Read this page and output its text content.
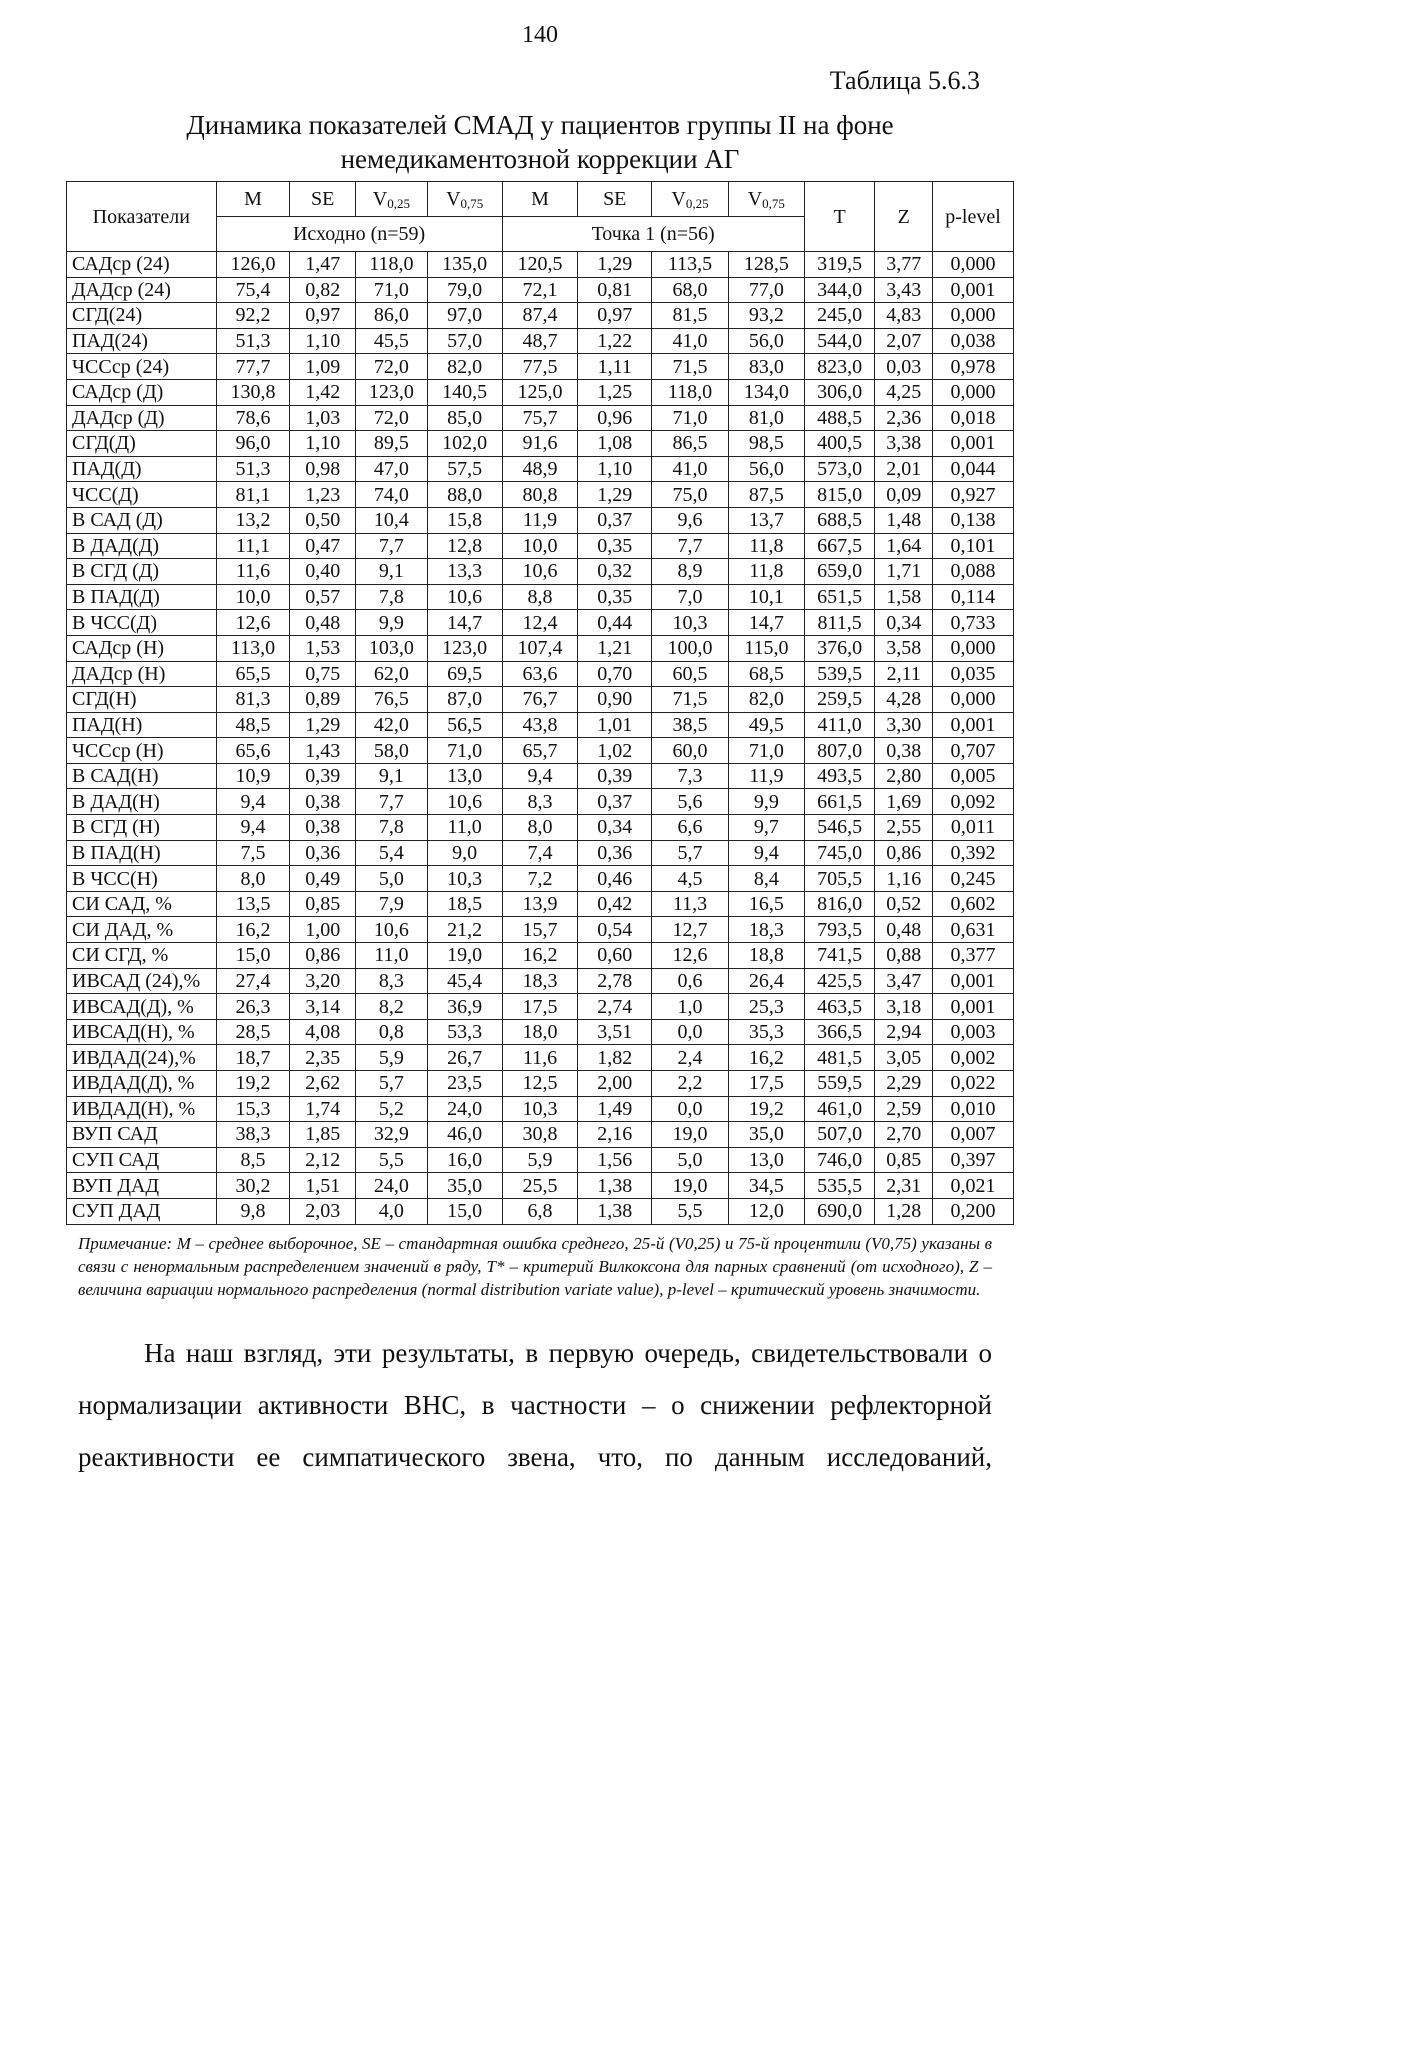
140
Таблица 5.6.3
Динамика показателей СМАД у пациентов группы II на фоне
немедикаментозной коррекции АГ
Показатели	M	SE	$V_{0,25}$	$V_{0,75}$	M	SE	$V_{0,25}$	$V_{0,75}$	T	Z	p-level
	Исходно (n=59)				Точка 1 (n=56)						
САДср (24)	126,0	1,47	118,0	135,0	120,5	1,29	113,5	128,5	319,5	3,77	0,000
ДАДср (24)	75,4	0,82	71,0	79,0	72,1	0,81	68,0	77,0	344,0	3,43	0,001
СГД(24)	92,2	0,97	86,0	97,0	87,4	0,97	81,5	93,2	245,0	4,83	0,000
ПАД(24)	51,3	1,10	45,5	57,0	48,7	1,22	41,0	56,0	544,0	2,07	0,038
ЧССср (24)	77,7	1,09	72,0	82,0	77,5	1,11	71,5	83,0	823,0	0,03	0,978
САДср (Д)	130,8	1,42	123,0	140,5	125,0	1,25	118,0	134,0	306,0	4,25	0,000
ДАДср (Д)	78,6	1,03	72,0	85,0	75,7	0,96	71,0	81,0	488,5	2,36	0,018
СГД(Д)	96,0	1,10	89,5	102,0	91,6	1,08	86,5	98,5	400,5	3,38	0,001
ПАД(Д)	51,3	0,98	47,0	57,5	48,9	1,10	41,0	56,0	573,0	2,01	0,044
ЧСС(Д)	81,1	1,23	74,0	88,0	80,8	1,29	75,0	87,5	815,0	0,09	0,927
В САД (Д)	13,2	0,50	10,4	15,8	11,9	0,37	9,6	13,7	688,5	1,48	0,138
В ДАД(Д)	11,1	0,47	7,7	12,8	10,0	0,35	7,7	11,8	667,5	1,64	0,101
В СГД (Д)	11,6	0,40	9,1	13,3	10,6	0,32	8,9	11,8	659,0	1,71	0,088
В ПАД(Д)	10,0	0,57	7,8	10,6	8,8	0,35	7,0	10,1	651,5	1,58	0,114
В ЧСС(Д)	12,6	0,48	9,9	14,7	12,4	0,44	10,3	14,7	811,5	0,34	0,733
САДср (Н)	113,0	1,53	103,0	123,0	107,4	1,21	100,0	115,0	376,0	3,58	0,000
ДАДср (Н)	65,5	0,75	62,0	69,5	63,6	0,70	60,5	68,5	539,5	2,11	0,035
СГД(Н)	81,3	0,89	76,5	87,0	76,7	0,90	71,5	82,0	259,5	4,28	0,000
ПАД(Н)	48,5	1,29	42,0	56,5	43,8	1,01	38,5	49,5	411,0	3,30	0,001
ЧССср (Н)	65,6	1,43	58,0	71,0	65,7	1,02	60,0	71,0	807,0	0,38	0,707
В САД(Н)	10,9	0,39	9,1	13,0	9,4	0,39	7,3	11,9	493,5	2,80	0,005
В ДАД(Н)	9,4	0,38	7,7	10,6	8,3	0,37	5,6	9,9	661,5	1,69	0,092
В СГД (Н)	9,4	0,38	7,8	11,0	8,0	0,34	6,6	9,7	546,5	2,55	0,011
В ПАД(Н)	7,5	0,36	5,4	9,0	7,4	0,36	5,7	9,4	745,0	0,86	0,392
В ЧСС(Н)	8,0	0,49	5,0	10,3	7,2	0,46	4,5	8,4	705,5	1,16	0,245
СИ САД, %	13,5	0,85	7,9	18,5	13,9	0,42	11,3	16,5	816,0	0,52	0,602
СИ ДАД, %	16,2	1,00	10,6	21,2	15,7	0,54	12,7	18,3	793,5	0,48	0,631
СИ СГД, %	15,0	0,86	11,0	19,0	16,2	0,60	12,6	18,8	741,5	0,88	0,377
ИВСАД (24),%	27,4	3,20	8,3	45,4	18,3	2,78	0,6	26,4	425,5	3,47	0,001
ИВСАД(Д), %	26,3	3,14	8,2	36,9	17,5	2,74	1,0	25,3	463,5	3,18	0,001
ИВСАД(Н), %	28,5	4,08	0,8	53,3	18,0	3,51	0,0	35,3	366,5	2,94	0,003
ИВДАД(24),%	18,7	2,35	5,9	26,7	11,6	1,82	2,4	16,2	481,5	3,05	0,002
ИВДАД(Д), %	19,2	2,62	5,7	23,5	12,5	2,00	2,2	17,5	559,5	2,29	0,022
ИВДАД(Н), %	15,3	1,74	5,2	24,0	10,3	1,49	0,0	19,2	461,0	2,59	0,010
ВУП САД	38,3	1,85	32,9	46,0	30,8	2,16	19,0	35,0	507,0	2,70	0,007
СУП САД	8,5	2,12	5,5	16,0	5,9	1,56	5,0	13,0	746,0	0,85	0,397
ВУП ДАД	30,2	1,51	24,0	35,0	25,5	1,38	19,0	34,5	535,5	2,31	0,021
СУП ДАД	9,8	2,03	4,0	15,0	6,8	1,38	5,5	12,0	690,0	1,28	0,200
Примечание: M – среднее выборочное, SE – стандартная ошибка среднего, 25-й (V0,25) и 75-й процентили (V0,75) указаны в связи с ненормальным распределением значений в ряду, T* – критерий Вилкоксона для парных сравнений (от исходного), Z – величина вариации нормального распределения (normal distribution variate value), p-level – критический уровень значимости.

На наш взгляд, эти результаты, в первую очередь, свидетельствовали о нормализации активности ВНС, в частности – о снижении рефлекторной реактивности ее симпатического звена, что, по данным исследований,
